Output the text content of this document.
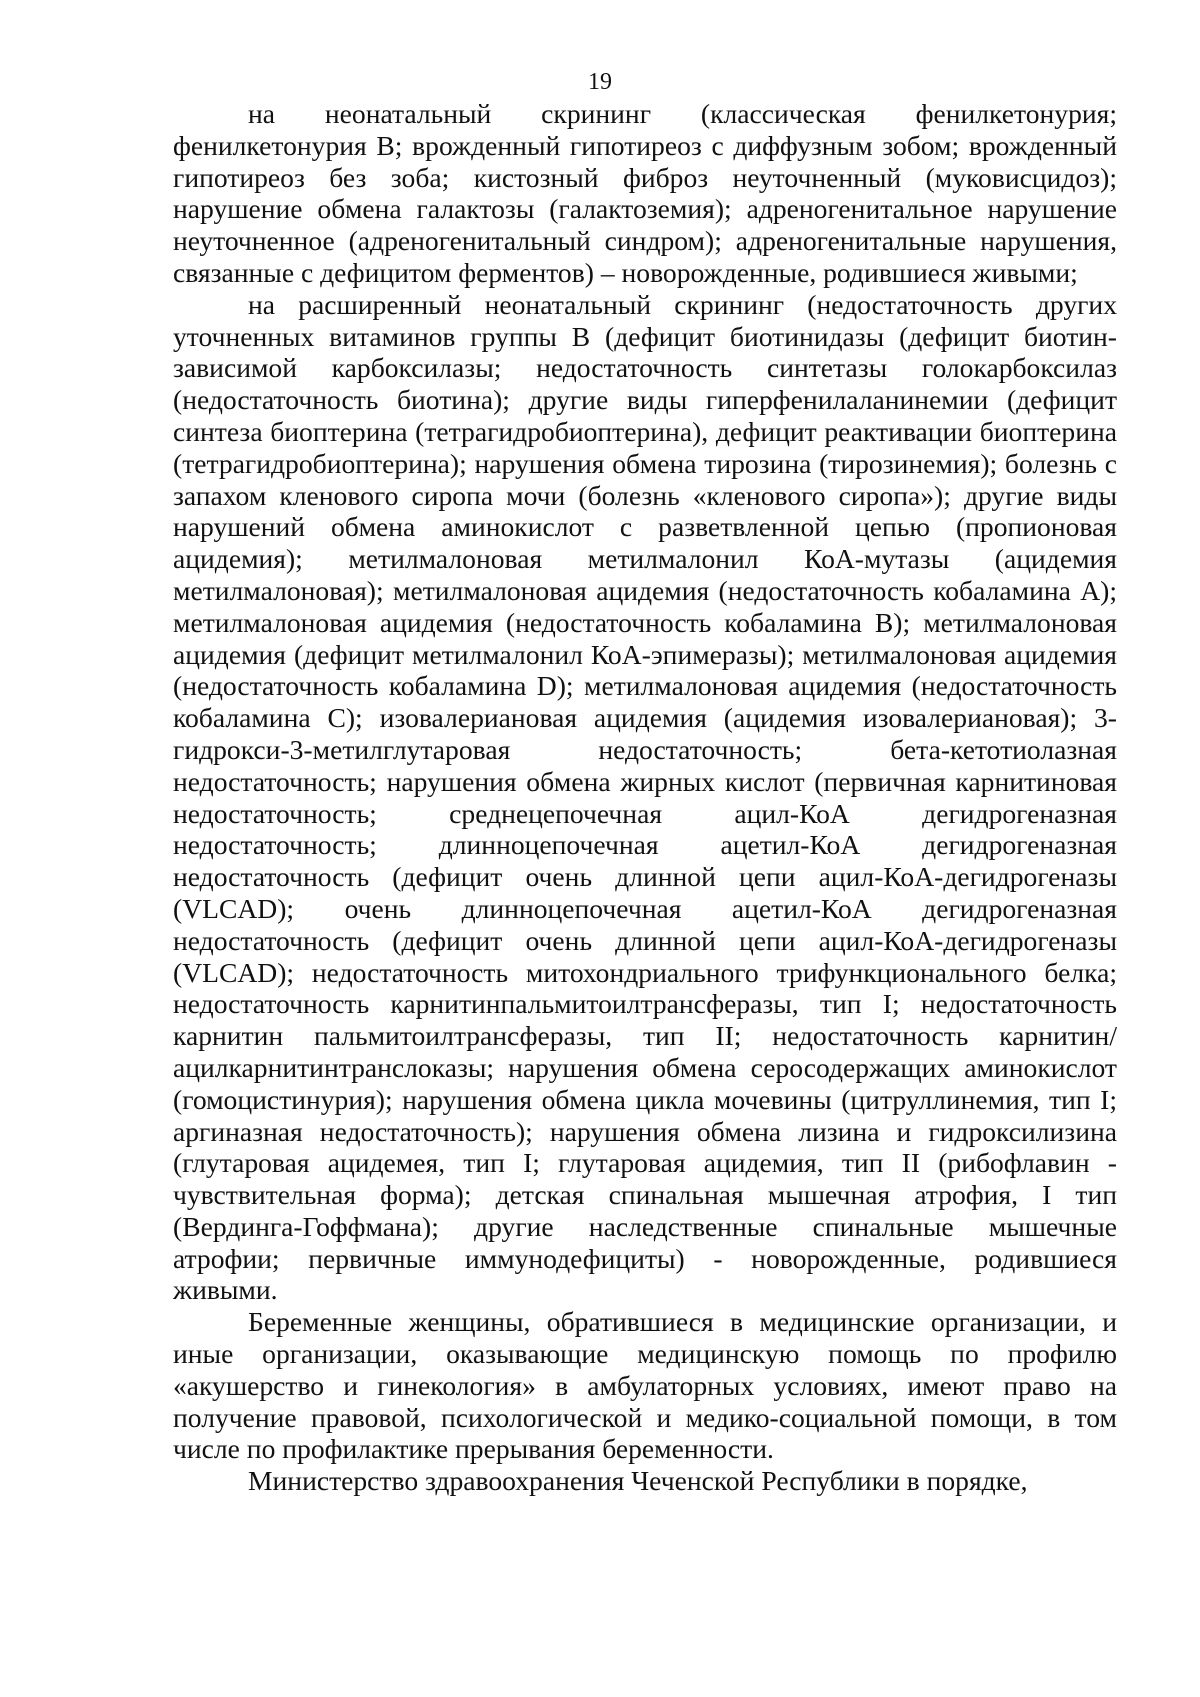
19

на неонатальный скрининг (классическая фенилкетонурия; фенилкетонурия В; врожденный гипотиреоз с диффузным зобом; врожденный гипотиреоз без зоба; кистозный фиброз неуточненный (муковисцидоз); нарушение обмена галактозы (галактоземия); адреногенитальное нарушение неуточненное (адреногенитальный синдром); адреногенитальные нарушения, связанные с дефицитом ферментов) – новорожденные, родившиеся живыми;

на расширенный неонатальный скрининг (недостаточность других уточненных витаминов группы В (дефицит биотинидазы (дефицит биотин-зависимой карбоксилазы; недостаточность синтетазы голокарбоксилаз (недостаточность биотина); другие виды гиперфенилаланинемии (дефицит синтеза биоптерина (тетрагидробиоптерина), дефицит реактивации биоптерина (тетрагидробиоптерина); нарушения обмена тирозина (тирозинемия); болезнь с запахом кленового сиропа мочи (болезнь «кленового сиропа»); другие виды нарушений обмена аминокислот с разветвленной цепью (пропионовая ацидемия); метилмалоновая метилмалонил КоА-мутазы (ацидемия метилмалоновая); метилмалоновая ацидемия (недостаточность кобаламина А); метилмалоновая ацидемия (недостаточность кобаламина В); метилмалоновая ацидемия (дефицит метилмалонил КоА-эпимеразы); метилмалоновая ацидемия (недостаточность кобаламина D); метилмалоновая ацидемия (недостаточность кобаламина С); изовалериановая ацидемия (ацидемия изовалериановая); 3-гидрокси-3-метилглутаровая недостаточность; бета-кетотиолазная недостаточность; нарушения обмена жирных кислот (первичная карнитиновая недостаточность; среднецепочечная ацил-КоА дегидрогеназная недостаточность; длинноцепочечная ацетил-КоА дегидрогеназная недостаточность (дефицит очень длинной цепи ацил-КоА-дегидрогеназы (VLCAD); очень длинноцепочечная ацетил-КоА дегидрогеназная недостаточность (дефицит очень длинной цепи ацил-КоА-дегидрогеназы (VLCAD); недостаточность митохондриального трифункционального белка; недостаточность карнитинпальмитоилтрансферазы, тип I; недостаточность карнитин пальмитоилтрансферазы, тип II; недостаточность карнитин/ацилкарнитинтранслоказы; нарушения обмена серосодержащих аминокислот (гомоцистинурия); нарушения обмена цикла мочевины (цитруллинемия, тип I; аргиназная недостаточность); нарушения обмена лизина и гидроксилизина (глутаровая ацидемея, тип I; глутаровая ацидемия, тип II (рибофлавин - чувствительная форма); детская спинальная мышечная атрофия, I тип (Вердинга-Гоффмана); другие наследственные спинальные мышечные атрофии; первичные иммунодефициты) - новорожденные, родившиеся живыми.

Беременные женщины, обратившиеся в медицинские организации, и иные организации, оказывающие медицинскую помощь по профилю «акушерство и гинекология» в амбулаторных условиях, имеют право на получение правовой, психологической и медико-социальной помощи, в том числе по профилактике прерывания беременности.

Министерство здравоохранения Чеченской Республики в порядке,
